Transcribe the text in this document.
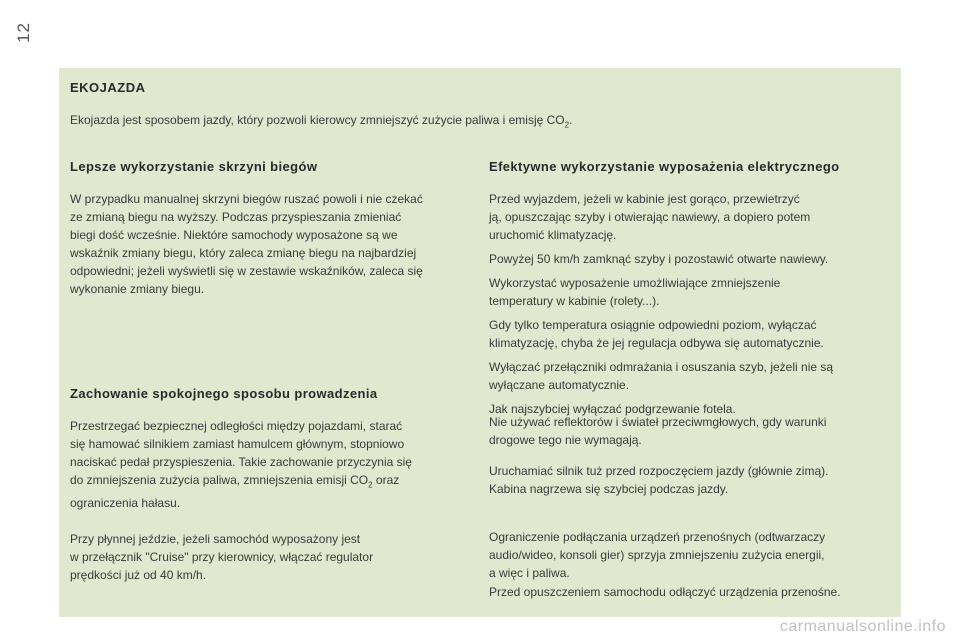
12
EKOJAZDA
Ekojazda jest sposobem jazdy, który pozwoli kierowcy zmniejszyć zużycie paliwa i emisję $CO_2$.
Lepsze wykorzystanie skrzyni biegów
W przypadku manualnej skrzyni biegów ruszać powoli i nie czekać
ze zmianą biegu na wyższy. Podczas przyspieszania zmieniać
biegi dość wcześnie. Niektóre samochody wyposażone są we
wskaźnik zmiany biegu, który zaleca zmianę biegu na najbardziej
odpowiedni; jeżeli wyświetli się w zestawie wskaźników, zaleca się
wykonanie zmiany biegu.
Zachowanie spokojnego sposobu prowadzenia
Przestrzegać bezpiecznej odległości między pojazdami, starać
się hamować silnikiem zamiast hamulcem głównym, stopniowo
naciskać pedał przyspieszenia. Takie zachowanie przyczynia się
do zmniejszenia zużycia paliwa, zmniejszenia emisji $CO_2$ oraz
ograniczenia hałasu.
Przy płynnej jeździe, jeżeli samochód wyposażony jest
w przełącznik "Cruise" przy kierownicy, włączać regulator
prędkości już od 40 km/h.
Efektywne wykorzystanie wyposażenia elektrycznego

Przed wyjazdem, jeżeli w kabinie jest gorąco, przewietrzyć
ją, opuszczając szyby i otwierając nawiewy, a dopiero potem
uruchomić klimatyzację.

Powyżej 50 km/h zamknąć szyby i pozostawić otwarte nawiewy.

Wykorzystać wyposażenie umożliwiające zmniejszenie
temperatury w kabinie (rolety...).

Gdy tylko temperatura osiągnie odpowiedni poziom, wyłączać
klimatyzację, chyba że jej regulacja odbywa się automatycznie.

Wyłączać przełączniki odmrażania i osuszania szyb, jeżeli nie są
wyłączane automatycznie.

Jak najszybciej wyłączać podgrzewanie fotela.

Nie używać reflektorów i świateł przeciwmgłowych, gdy warunki
drogowe tego nie wymagają.
Uruchamiać silnik tuż przed rozpoczęciem jazdy (głównie zimą).
Kabina nagrzewa się szybciej podczas jazdy.
Ograniczenie podłączania urządzeń przenośnych (odtwarzaczy
audio/wideo, konsoli gier) sprzyja zmniejszeniu zużycia energii,
a więc i paliwa.
Przed opuszczeniem samochodu odłączyć urządzenia przenośne.
carmanualsonline.info
